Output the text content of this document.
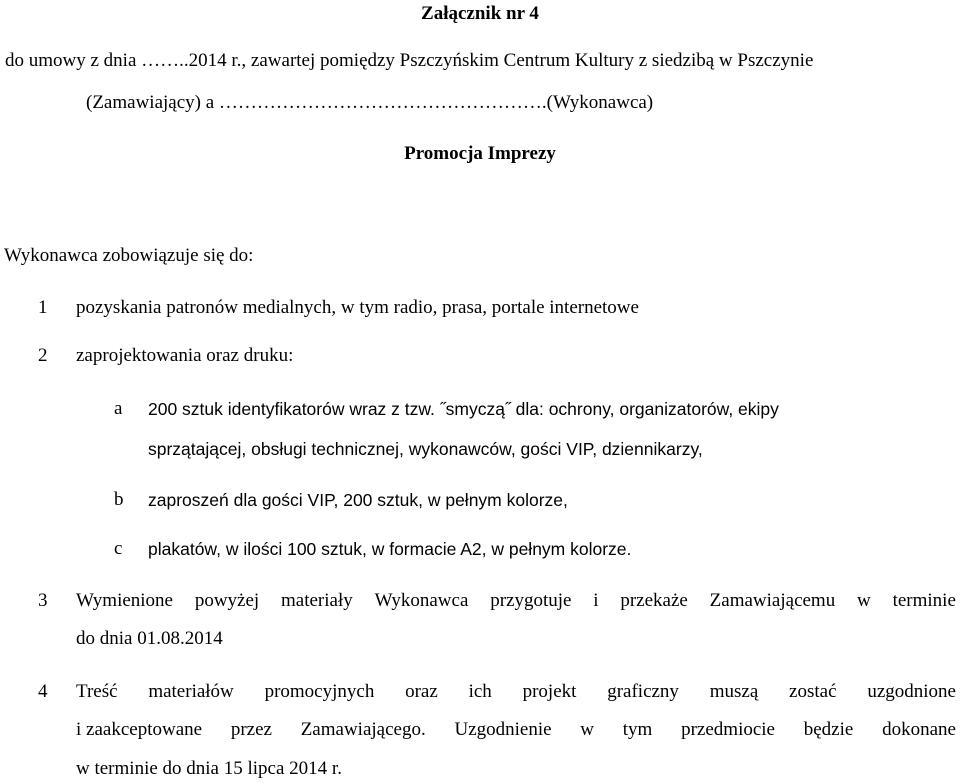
Załącznik nr 4
do umowy z dnia ……..2014 r., zawartej pomiędzy Pszczyńskim Centrum Kultury z siedzibą w Pszczynie
(Zamawiający) a …………………………………………….(Wykonawca)
Promocja Imprezy
Wykonawca zobowiązuje się do:
1 pozyskania patronów medialnych, w tym radio, prasa, portale internetowe
2 zaprojektowania oraz druku:
a 200 sztuk identyfikatorów wraz z tzw. ˝smyczą˝ dla: ochrony, organizatorów, ekipy
sprzątającej, obsługi technicznej, wykonawców, gości VIP, dziennikarzy,
b zaproszeń dla gości VIP, 200 sztuk, w pełnym kolorze,
c plakatów, w ilości 100 sztuk, w formacie A2, w pełnym kolorze.
3 Wymienione powyżej materiały Wykonawca przygotuje i przekaże Zamawiającemu w terminie
do dnia 01.08.2014
4 Treść materiałów promocyjnych oraz ich projekt graficzny muszą zostać uzgodnione
i zaakceptowane przez Zamawiającego. Uzgodnienie w tym przedmiocie będzie dokonane
w terminie do dnia 15 lipca 2014 r.
